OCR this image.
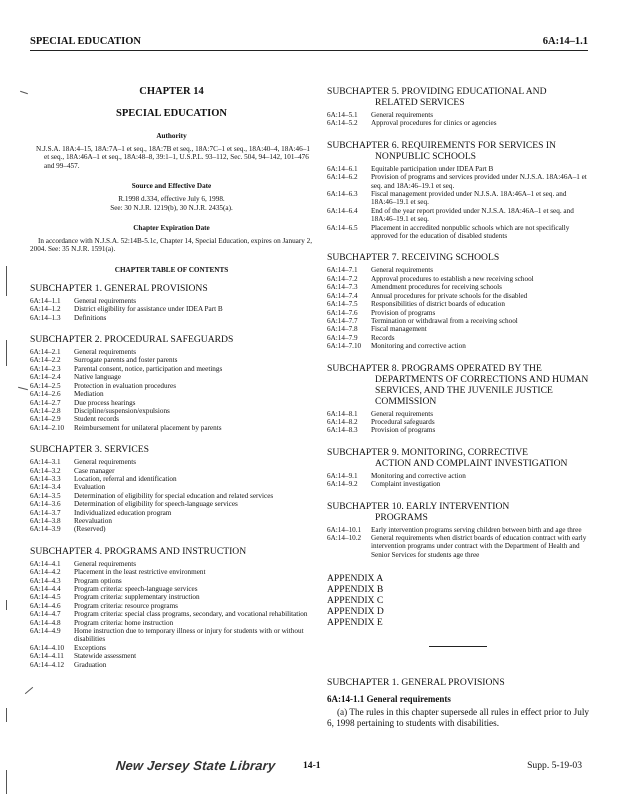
SPECIAL EDUCATION	6A:14–1.1
CHAPTER 14
SPECIAL EDUCATION
Authority
N.J.S.A. 18A:4–15, 18A:7A–1 et seq., 18A:7B et seq., 18A:7C–1 et seq., 18A:40–4, 18A:46–1 et seq., 18A:46A–1 et seq., 18A:48–8, 39:1–1, U.S.P.L. 93–112, Sec. 504, 94–142, 101–476 and 99–457.
Source and Effective Date
R.1998 d.334, effective July 6, 1998.
See: 30 N.J.R. 1219(b), 30 N.J.R. 2435(a).
Chapter Expiration Date
In accordance with N.J.S.A. 52:14B-5.1c, Chapter 14, Special Education, expires on January 2, 2004. See: 35 N.J.R. 1591(a).
CHAPTER TABLE OF CONTENTS
SUBCHAPTER 1. GENERAL PROVISIONS
6A:14–1.1	General requirements
6A:14–1.2	District eligibility for assistance under IDEA Part B
6A:14–1.3	Definitions
SUBCHAPTER 2. PROCEDURAL SAFEGUARDS
6A:14–2.1	General requirements
6A:14–2.2	Surrogate parents and foster parents
6A:14–2.3	Parental consent, notice, participation and meetings
6A:14–2.4	Native language
6A:14–2.5	Protection in evaluation procedures
6A:14–2.6	Mediation
6A:14–2.7	Due process hearings
6A:14–2.8	Discipline/suspension/expulsions
6A:14–2.9	Student records
6A:14–2.10	Reimbursement for unilateral placement by parents
SUBCHAPTER 3. SERVICES
6A:14–3.1	General requirements
6A:14–3.2	Case manager
6A:14–3.3	Location, referral and identification
6A:14–3.4	Evaluation
6A:14–3.5	Determination of eligibility for special education and related services
6A:14–3.6	Determination of eligibility for speech-language services
6A:14–3.7	Individualized education program
6A:14–3.8	Reevaluation
6A:14–3.9	(Reserved)
SUBCHAPTER 4. PROGRAMS AND INSTRUCTION
6A:14–4.1	General requirements
6A:14–4.2	Placement in the least restrictive environment
6A:14–4.3	Program options
6A:14–4.4	Program criteria: speech-language services
6A:14–4.5	Program criteria: supplementary instruction
6A:14–4.6	Program criteria: resource programs
6A:14–4.7	Program criteria: special class programs, secondary, and vocational rehabilitation
6A:14–4.8	Program criteria: home instruction
6A:14–4.9	Home instruction due to temporary illness or injury for students with or without disabilities
6A:14–4.10	Exceptions
6A:14–4.11	Statewide assessment
6A:14–4.12	Graduation
SUBCHAPTER 5. PROVIDING EDUCATIONAL AND
RELATED SERVICES
6A:14–5.1	General requirements
6A:14–5.2	Approval procedures for clinics or agencies
SUBCHAPTER 6. REQUIREMENTS FOR SERVICES IN
NONPUBLIC SCHOOLS
6A:14–6.1	Equitable participation under IDEA Part B
6A:14–6.2	Provision of programs and services provided under N.J.S.A. 18A:46A–1 et seq. and 18A:46–19.1 et seq.
6A:14–6.3	Fiscal management provided under N.J.S.A. 18A:46A–1 et seq. and 18A:46–19.1 et seq.
6A:14–6.4	End of the year report provided under N.J.S.A. 18A:46A–1 et seq. and 18A:46–19.1 et seq.
6A:14–6.5	Placement in accredited nonpublic schools which are not specifically approved for the education of disabled students
SUBCHAPTER 7. RECEIVING SCHOOLS
6A:14–7.1	General requirements
6A:14–7.2	Approval procedures to establish a new receiving school
6A:14–7.3	Amendment procedures for receiving schools
6A:14–7.4	Annual procedures for private schools for the disabled
6A:14–7.5	Responsibilities of district boards of education
6A:14–7.6	Provision of programs
6A:14–7.7	Termination or withdrawal from a receiving school
6A:14–7.8	Fiscal management
6A:14–7.9	Records
6A:14–7.10	Monitoring and corrective action
SUBCHAPTER 8. PROGRAMS OPERATED BY THE
DEPARTMENTS OF CORRECTIONS AND HUMAN SERVICES, AND THE JUVENILE JUSTICE COMMISSION
6A:14–8.1	General requirements
6A:14–8.2	Procedural safeguards
6A:14–8.3	Provision of programs
SUBCHAPTER 9. MONITORING, CORRECTIVE
ACTION AND COMPLAINT INVESTIGATION
6A:14–9.1	Monitoring and corrective action
6A:14–9.2	Complaint investigation
SUBCHAPTER 10. EARLY INTERVENTION
PROGRAMS
6A:14–10.1	Early intervention programs serving children between birth and age three
6A:14–10.2	General requirements when district boards of education contract with early intervention programs under contract with the Department of Health and Senior Services for students age three
APPENDIX A
APPENDIX B
APPENDIX C
APPENDIX D
APPENDIX E
SUBCHAPTER 1. GENERAL PROVISIONS
6A:14-1.1 General requirements
(a) The rules in this chapter supersede all rules in effect prior to July 6, 1998 pertaining to students with disabilities.
New Jersey State Library	14-1	Supp. 5-19-03
